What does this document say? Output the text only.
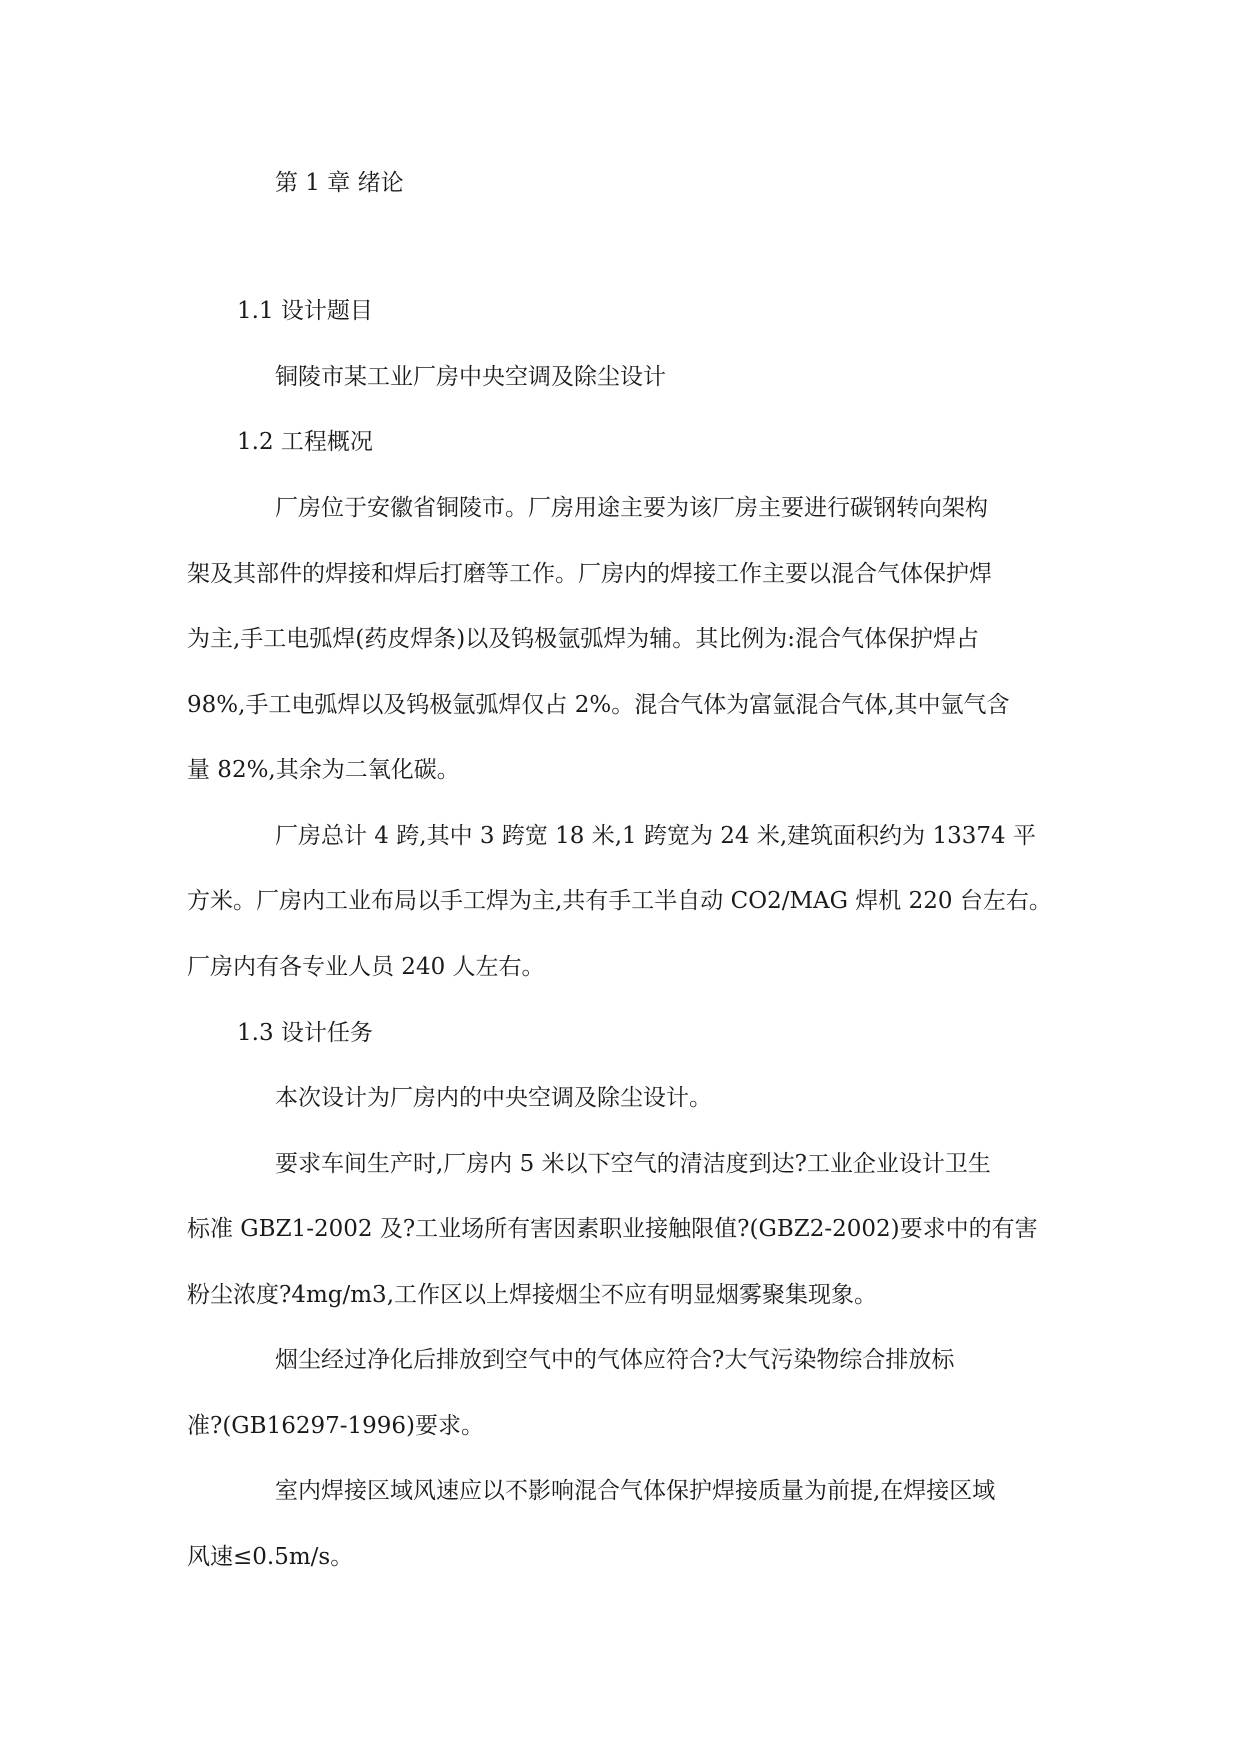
第 1 章 绪论
1.1 设计题目
铜陵市某工业厂房中央空调及除尘设计
1.2 工程概况
厂房位于安徽省铜陵市。厂房用途主要为该厂房主要进行碳钢转向架构
架及其部件的焊接和焊后打磨等工作。厂房内的焊接工作主要以混合气体保护焊
为主,手工电弧焊(药皮焊条)以及钨极氩弧焊为辅。其比例为:混合气体保护焊占
98%,手工电弧焊以及钨极氩弧焊仅占 2%。混合气体为富氩混合气体,其中氩气含
量 82%,其余为二氧化碳。
厂房总计 4 跨,其中 3 跨宽 18 米,1 跨宽为 24 米,建筑面积约为 13374 平
方米。厂房内工业布局以手工焊为主,共有手工半自动 CO2/MAG 焊机 220 台左右。
厂房内有各专业人员 240 人左右。
1.3 设计任务
本次设计为厂房内的中央空调及除尘设计。
要求车间生产时,厂房内 5 米以下空气的清洁度到达?工业企业设计卫生
标准 GBZ1-2002 及?工业场所有害因素职业接触限值?(GBZ2-2002)要求中的有害
粉尘浓度?4mg/m3,工作区以上焊接烟尘不应有明显烟雾聚集现象。
烟尘经过净化后排放到空气中的气体应符合?大气污染物综合排放标
准?(GB16297-1996)要求。
室内焊接区域风速应以不影响混合气体保护焊接质量为前提,在焊接区域
风速≤0.5m/s。
